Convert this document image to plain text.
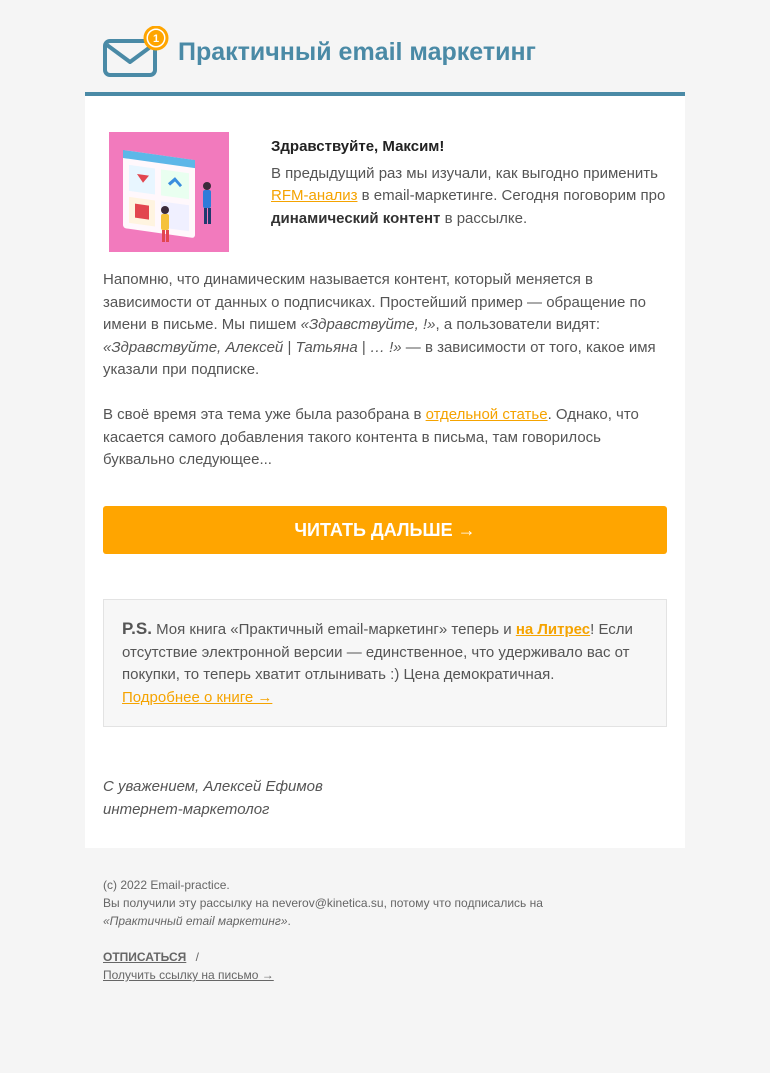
1 Практичный email маркетинг
Здравствуйте, Максим!
В предыдущий раз мы изучали, как выгодно применить RFM-анализ в email-маркетинге. Сегодня поговорим про динамический контент в рассылке.
Напомню, что динамическим называется контент, который меняется в зависимости от данных о подписчиках. Простейший пример — обращение по имени в письме. Мы пишем «Здравствуйте, !», а пользователи видят: «Здравствуйте, Алексей | Татьяна | … !» — в зависимости от того, какое имя указали при подписке.
В своё время эта тема уже была разобрана в отдельной статье. Однако, что касается самого добавления такого контента в письма, там говорилось буквально следующее...
ЧИТАТЬ ДАЛЬШЕ →
P.S. Моя книга «Практичный email-маркетинг» теперь и на Литрес! Если отсутствие электронной версии — единственное, что удерживало вас от покупки, то теперь хватит отлынивать :) Цена демократичная.
Подробнее о книге →
С уважением, Алексей Ефимов
интернет-маркетолог
(c) 2022 Email-practice.
Вы получили эту рассылку на neverov@kinetica.su, потому что подписались на
«Практичный email маркетинг».
ОТПИСАТЬСЯ /
Получить ссылку на письмо →
